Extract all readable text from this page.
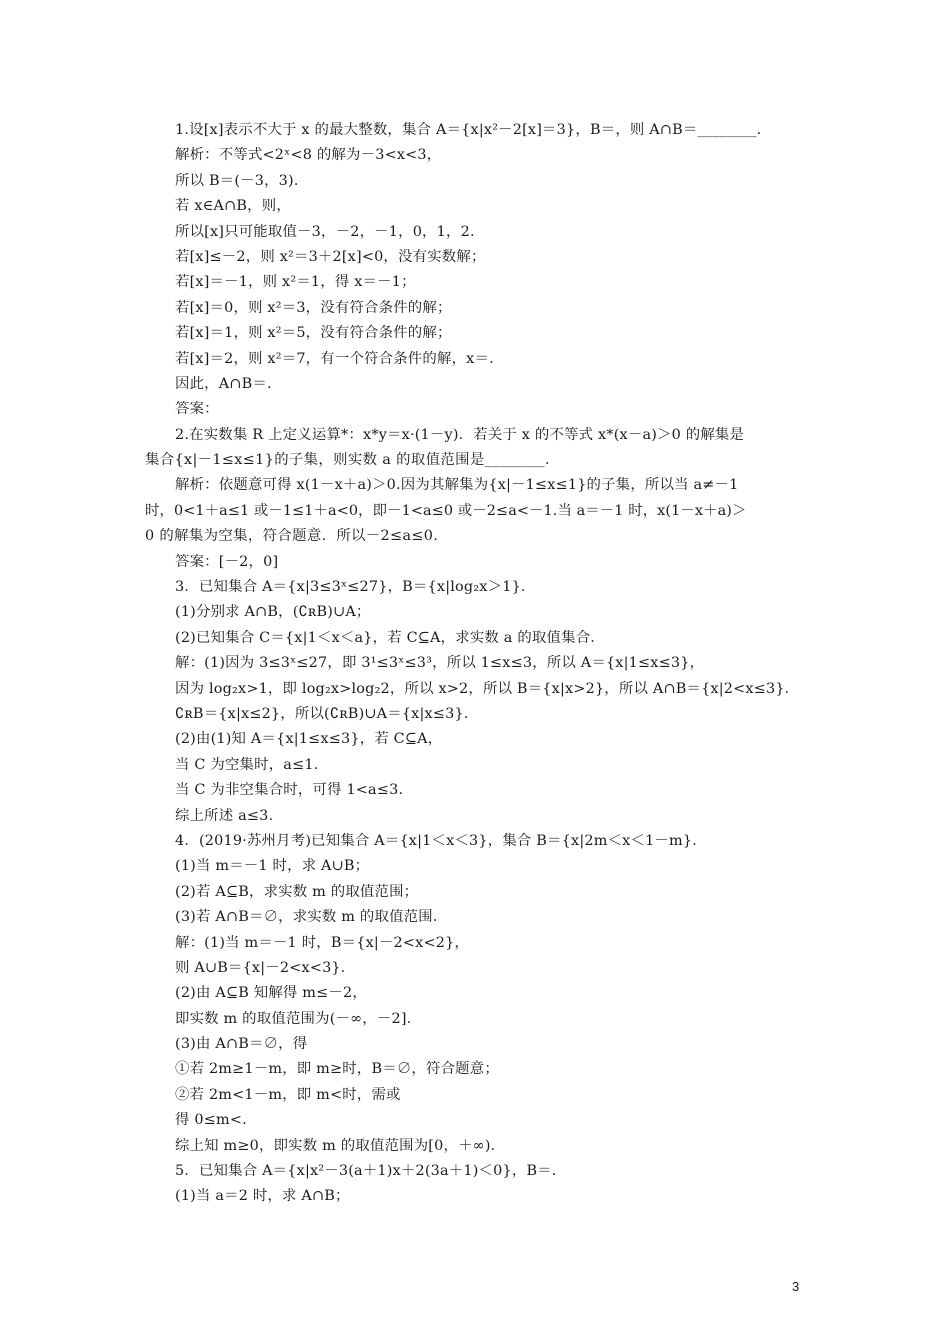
1.设[x]表示不大于 x 的最大整数，集合 A＝{x|x²－2[x]＝3}，B＝，则 A∩B＝________．
解析：不等式<2ˣ<8 的解为－3<x<3，
所以 B＝(－3，3)．
若 x∈A∩B，则，
所以[x]只可能取值－3，－2，－1，0，1，2.
若[x]≤－2，则 x²＝3＋2[x]<0，没有实数解；
若[x]＝－1，则 x²＝1，得 x＝－1；
若[x]＝0，则 x²＝3，没有符合条件的解；
若[x]＝1，则 x²＝5，没有符合条件的解；
若[x]＝2，则 x²＝7，有一个符合条件的解，x＝.
因此，A∩B＝.
答案：
2.在实数集 R 上定义运算*：x*y＝x·(1－y)．若关于 x 的不等式 x*(x－a)＞0 的解集是
集合{x|－1≤x≤1}的子集，则实数 a 的取值范围是________．
解析：依题意可得 x(1－x＋a)＞0.因为其解集为{x|－1≤x≤1}的子集，所以当 a≠－1
时，0<1＋a≤1 或－1≤1＋a<0，即－1<a≤0 或－2≤a<－1.当 a＝－1 时，x(1－x＋a)＞
0 的解集为空集，符合题意．所以－2≤a≤0.
答案：[－2，0]
3．已知集合 A＝{x|3≤3ˣ≤27}，B＝{x|log₂x＞1}．
(1)分别求 A∩B，(∁ʀB)∪A；
(2)已知集合 C＝{x|1＜x＜a}，若 C⊆A，求实数 a 的取值集合．
解：(1)因为 3≤3ˣ≤27，即 3¹≤3ˣ≤3³，所以 1≤x≤3，所以 A＝{x|1≤x≤3}，
因为 log₂x>1，即 log₂x>log₂2，所以 x>2，所以 B＝{x|x>2}，所以 A∩B＝{x|2<x≤3}．
∁ʀB＝{x|x≤2}，所以(∁ʀB)∪A＝{x|x≤3}．
(2)由(1)知 A＝{x|1≤x≤3}，若 C⊆A，
当 C 为空集时，a≤1.
当 C 为非空集合时，可得 1<a≤3.
综上所述 a≤3.
4．(2019·苏州月考)已知集合 A＝{x|1＜x＜3}，集合 B＝{x|2m＜x＜1－m}．
(1)当 m＝－1 时，求 A∪B；
(2)若 A⊆B，求实数 m 的取值范围；
(3)若 A∩B＝∅，求实数 m 的取值范围．
解：(1)当 m＝－1 时，B＝{x|－2<x<2}，
则 A∪B＝{x|－2<x<3}．
(2)由 A⊆B 知解得 m≤－2，
即实数 m 的取值范围为(－∞，－2]．
(3)由 A∩B＝∅，得
①若 2m≥1－m，即 m≥时，B＝∅，符合题意；
②若 2m<1－m，即 m<时，需或
得 0≤m<.
综上知 m≥0，即实数 m 的取值范围为[0，＋∞)．
5．已知集合 A＝{x|x²－3(a＋1)x＋2(3a＋1)＜0}，B＝.
(1)当 a＝2 时，求 A∩B；
3
